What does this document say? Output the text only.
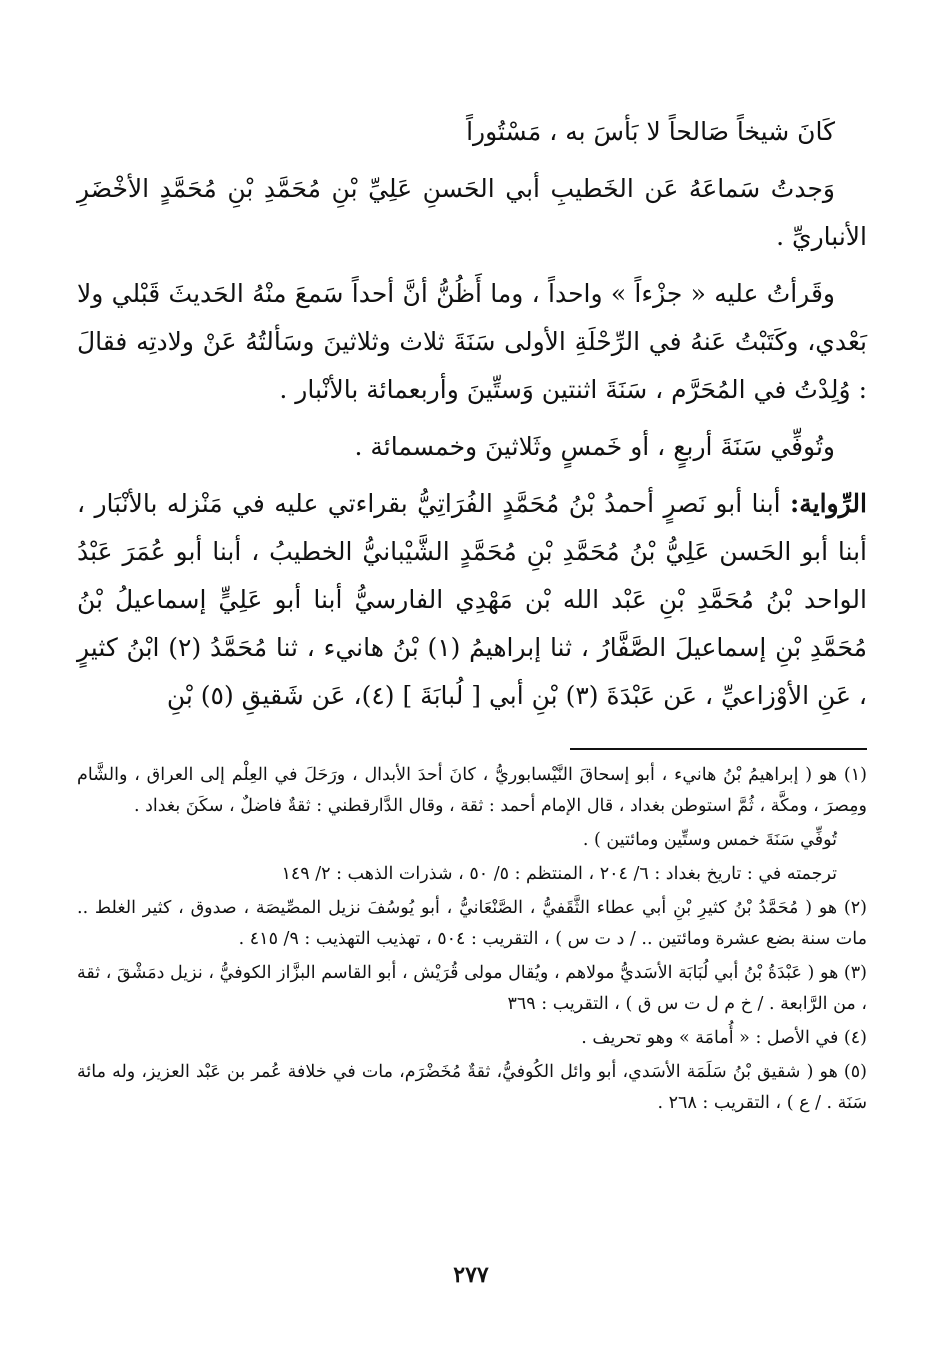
كَانَ شيخاً صَالحاً لا بَأسَ به ، مَسْتُوراً

وَجدتُ سَماعَهُ عَن الخَطيبِ أبي الحَسنِ عَلِيِّ بْنِ مُحَمَّدِ بْنِ مُحَمَّدٍ الأخْضَرِ الأنباريِّ .

وقَرأتُ عليه « جزْءاً » واحداً ، وما أَظُنُّ أنَّ أحداً سَمعَ منْهُ الحَديثَ قَبْلي ولا بَعْدي، وكَتَبْتُ عَنهُ في الرِّحْلَةِ الأولى سَنَةَ ثلاث وثلاثينَ وسَألتُهُ عَنْ ولادتِه فقالَ : وُلِدْتُ في المُحَرَّم ، سَنَةَ اثنتين وَستِّينَ وأربعمائة بالأنْبار .

وتُوفِّي سَنَةَ أربعٍ ، أو خَمسٍ وثَلاثينَ وخمسمائة .

الرِّواية: أبنا أبو نَصرٍ أحمدُ بْنُ مُحَمَّدٍ الفُرَاتِيُّ بقراءتي عليه في مَنْزله بالأنْبَار ، أبنا أبو الحَسن عَلِيُّ بْنُ مُحَمَّدِ بْنِ مُحَمَّدٍ الشَّيْبانيُّ الخطيبُ ، أبنا أبو عُمَرَ عَبْدُ الواحد بْنُ مُحَمَّدِ بْنِ عَبْد الله بْن مَهْدِي الفارسيُّ أبنا أبو عَلِيٍّ إسماعيلُ بْنُ مُحَمَّدِ بْنِ إسماعيلَ الصَّفَّارُ ، ثنا إبراهيمُ (١) بْنُ هانيء ، ثنا مُحَمَّدُ (٢) ابْنُ كثيرٍ ، عَنِ الأوْزاعيِّ ، عَن عَبْدَةَ (٣) بْنِ أبي [ لُبابَةَ ] (٤)، عَن شَقيقِ (٥) بْنِ

(١) هو ( إبراهيمُ بْنُ هانيء ، أبو إسحاقَ النَّيْسابوريُّ ، كانَ أحدَ الأبدال ، ورَحَلَ في العِلْم إلى العراق ، والشَّام ومِصرَ ، ومكَّة ، ثُمَّ استوطن بغداد ، قال الإمام أحمد : ثقة ، وقال الدَّارقطني : ثقةٌ فاضلٌ ، سكَنَ بغداد .

تُوفِّي سَنَةَ خمس وستِّين ومائتين ) .

ترجمته في : تاريخ بغداد : ٦/ ٢٠٤ ، المنتظم : ٥/ ٥٠ ، شذرات الذهب : ٢/ ١٤٩

(٢) هو ( مُحَمَّدُ بْنُ كثيرِ بْنِ أبي عطاء الثَّقَفيُّ ، الصَّنْعَانيُّ ، أبو يُوسُفَ نزيل المصِّيصَة ، صدوق ، كثير الغلط .. مات سنة بضع عشرة ومائتين .. / د ت س ) ، التقريب : ٥٠٤ ، تهذيب التهذيب : ٩/ ٤١٥ .

(٣) هو ( عَبْدَةُ بْنُ أبي لُبَابَة الأسَديُّ مولاهم ، ويُقال مولى قُرَيْش ، أبو القاسم البزَّاز الكوفيُّ ، نزيل دمَشْقَ ، ثقة ، من الرَّابعة . / خ م ل ت س ق ) ، التقريب : ٣٦٩

(٤) في الأصل : « أُمامَة » وهو تحريف .

(٥) هو ( شقيق بْنُ سَلَمَة الأسَدي، أبو وائل الكُوفيُّ، ثقةٌ مُخَضْرَم، مات في خلافة عُمر بن عَبْد العزيز، وله مائة سَنَة . / ع ) ، التقريب : ٢٦٨ .

٢٧٧
